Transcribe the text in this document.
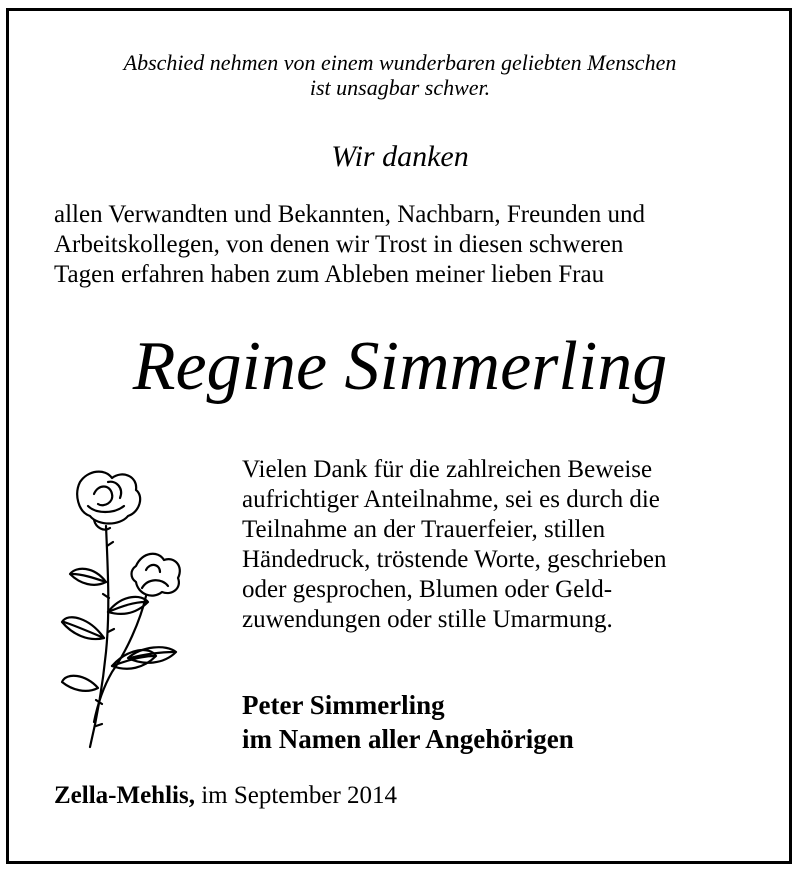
Abschied nehmen von einem wunderbaren geliebten Menschen
ist unsagbar schwer.
Wir danken
allen Verwandten und Bekannten, Nachbarn, Freunden und
Arbeitskollegen, von denen wir Trost in diesen schweren
Tagen erfahren haben zum Ableben meiner lieben Frau
Regine Simmerling
Vielen Dank für die zahlreichen Beweise
aufrichtiger Anteilnahme, sei es durch die
Teilnahme an der Trauerfeier, stillen
Händedruck, tröstende Worte, geschrieben
oder gesprochen, Blumen oder Geld-
zuwendungen oder stille Umarmung.
Peter Simmerling
im Namen aller Angehörigen
Zella-Mehlis, im September 2014
